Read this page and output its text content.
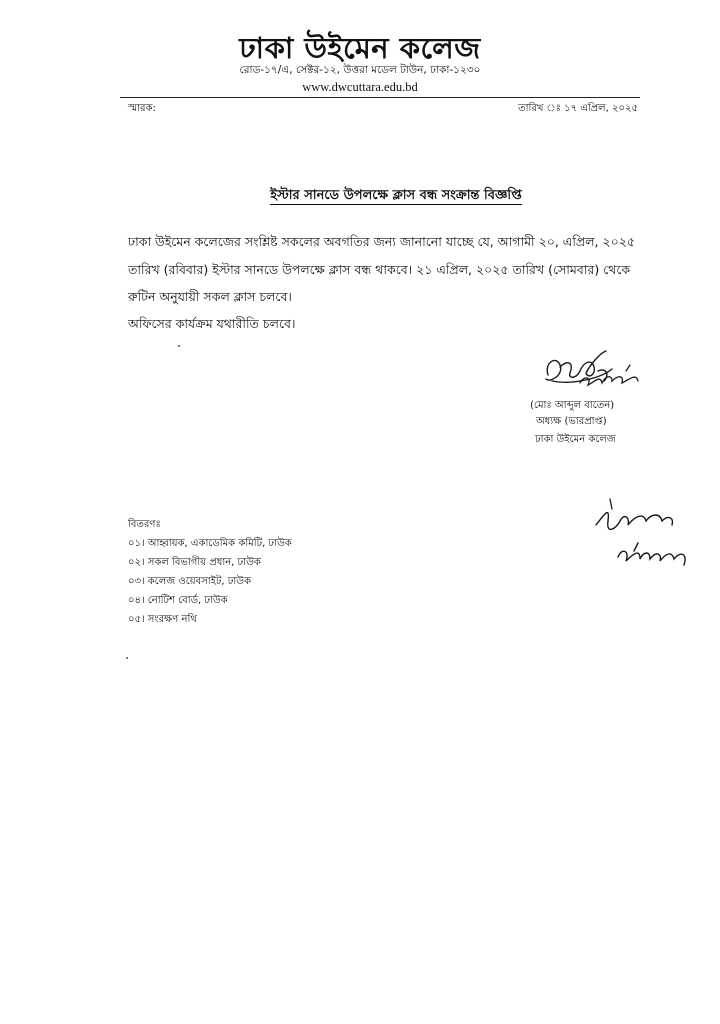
ঢাকা উইমেন কলেজ
রোড-১৭/এ, সেক্টর-১২, উত্তরা মডেল টাউন, ঢাকা-১২৩০
www.dwcuttara.edu.bd
স্মারক:	তারিখ ঃ ১৭ এপ্রিল, ২০২৫
ইস্টার সানডে উপলক্ষে ক্লাস বন্ধ সংক্রান্ত বিজ্ঞপ্তি
ঢাকা উইমেন কলেজের সংশ্লিষ্ট সকলের অবগতির জন্য জানানো যাচ্ছে যে, আগামী ২০, এপ্রিল, ২০২৫
তারিখ (রবিবার) ইস্টার সানডে উপলক্ষে ক্লাস বন্ধ থাকবে। ২১ এপ্রিল, ২০২৫ তারিখ (সোমবার) থেকে
রুটিন অনুযায়ী সকল ক্লাস চলবে।
অফিসের কার্যক্রম যথারীতি চলবে।
(মোঃ আব্দুল বাতেন)
অধ্যক্ষ (ভারপ্রাপ্ত)
ঢাকা উইমেন কলেজ
বিতরণঃ
০১। আহ্বায়ক, একাডেমিক কমিটি, ঢাউক
০২। সকল বিভাগীয় প্রধান, ঢাউক
০৩। কলেজ ওয়েবসাইট, ঢাউক
০৪। নোটিশ বোর্ড, ঢাউক
০৫। সংরক্ষণ নথি
